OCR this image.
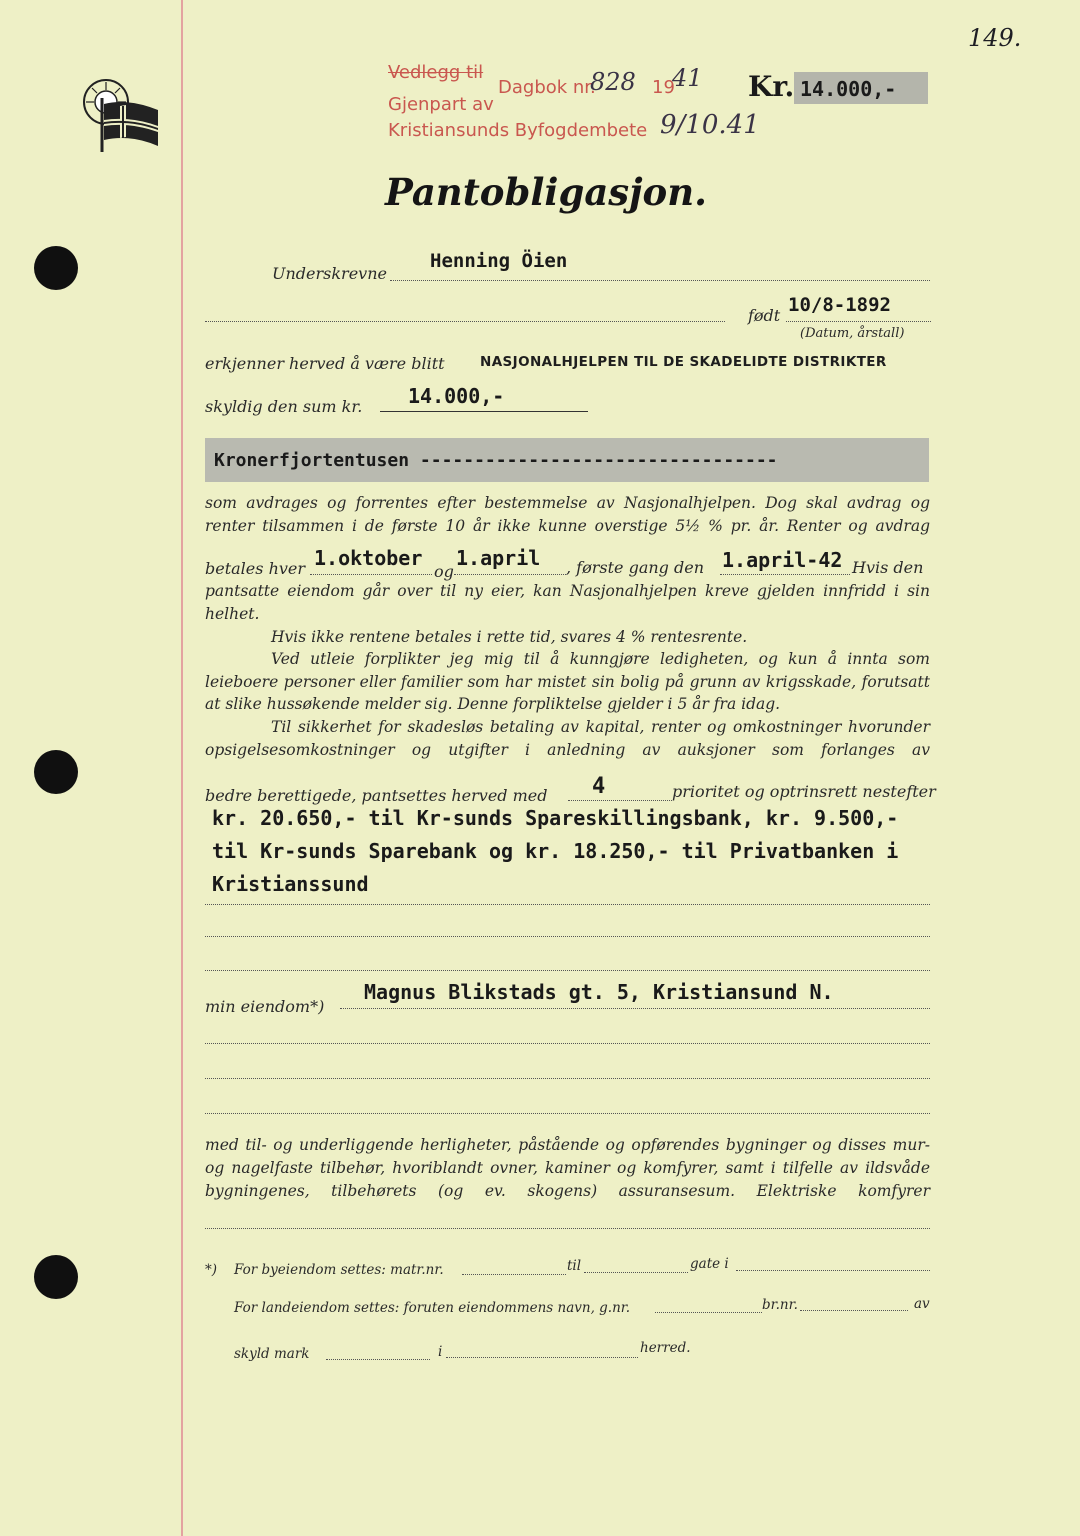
149.
Vedlegg til
Dagbok nr.
828 19
41
Gjenpart av
Kristiansunds Byfogdembete 9/10.41
Kr. 14.000,-
Pantobligasjon.
Underskrevne
Henning Öien
født 10/8-1892
(Datum, årstall)
erkjenner herved å være blitt	NASJONALHJELPEN TIL DE SKADELIDTE DISTRIKTER
skyldig den sum kr. 14.000,-
Kronerfjortentusen ---------------------------------
som avdrages og forrentes efter bestemmelse av Nasjonalhjelpen. Dog skal avdrag og renter tilsammen i de første 10 år ikke kunne overstige 5½ % pr. år. Renter og avdrag
betales hver 1.oktober
og
1.april , første gang den 1.april-42 Hvis den
pantsatte eiendom går over til ny eier, kan Nasjonalhjelpen kreve gjelden innfridd i sin helhet.
Hvis ikke rentene betales i rette tid, svares 4 % rentesrente.
Ved utleie forplikter jeg mig til å kunngjøre ledigheten, og kun å innta som leieboere personer eller familier som har mistet sin bolig på grunn av krigsskade, forutsatt at slike hussøkende melder sig. Denne forpliktelse gjelder i 5 år fra idag.
Til sikkerhet for skadesløs betaling av kapital, renter og omkostninger hvorunder opsigelsesomkostninger og utgifter i anledning av auksjoner som forlanges av
bedre berettigede, pantsettes herved med 4	prioritet og optrinsrett nestefter
kr. 20.650,- til Kr-sunds Spareskillingsbank, kr. 9.500,-
til Kr-sunds Sparebank og kr. 18.250,- til Privatbanken i
Kristianssund
min eiendom*)
Magnus Blikstads gt. 5, Kristiansund N.
med til- og underliggende herligheter, påstående og opførendes bygninger og disses mur- og nagelfaste tilbehør, hvoriblandt ovner, kaminer og komfyrer, samt i tilfelle av ildsvåde bygningenes, tilbehørets (og ev. skogens) assuransesum. Elektriske komfyrer
*) For byeiendom settes: matr.nr.	til	gate i
For landeiendom settes: foruten eiendommens navn, g.nr.	br.nr.	av
skyld mark	i	herred.
